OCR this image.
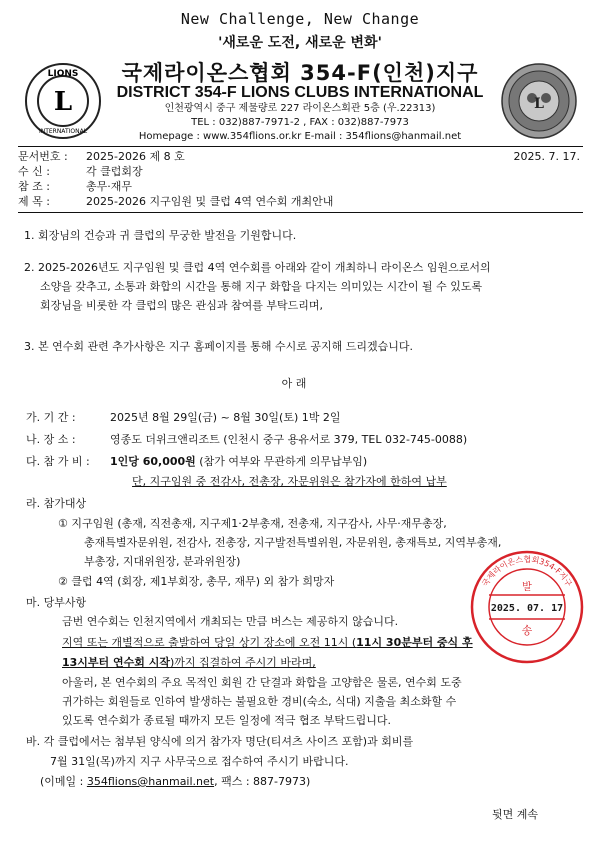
New Challenge, New Change
'새로운 도전, 새로운 변화'
LIONS
INTERNATIONAL
L	L
국제라이온스협회 354-F(인천)지구
DISTRICT 354-F LIONS CLUBS INTERNATIONAL
인천광역시 중구 제물량로 227 라이온스회관 5층 (우.22313)
TEL : 032)887-7971-2 , FAX : 032)887-7973
Homepage : www.354flions.or.kr E-mail : 354flions@hanmail.net
문서번호 : 2025-2026 제 8 호	2025. 7. 17.
수 신 :	각 클럽회장
참 조 :	총무·재무
제 목 :	2025-2026 지구임원 및 클럽 4역 연수회 개최안내
1. 회장님의 건승과 귀 클럽의 무궁한 발전을 기원합니다.
2. 2025-2026년도 지구임원 및 클럽 4역 연수회를 아래와 같이 개최하니 라이온스 임원으로서의
소양을 갖추고, 소통과 화합의 시간을 통해 지구 화합을 다지는 의미있는 시간이 될 수 있도록
회장님을 비롯한 각 클럽의 많은 관심과 참여를 부탁드리며,
3. 본 연수회 관련 추가사항은 지구 홈페이지를 통해 수시로 공지해 드리겠습니다.
아 래
가. 기 간 :	2025년 8월 29일(금) ~ 8월 30일(토) 1박 2일
나. 장 소 :	영종도 더위크앤리조트 (인천시 중구 용유서로 379, TEL 032-745-0088)
다. 참 가 비 : 1인당 60,000원 (참가 여부와 무관하게 의무납부임)
단, 지구임원 중 전감사, 전총장, 자문위원은 참가자에 한하여 납부
라. 참가대상
① 지구임원 (총재, 직전총재, 지구제1·2부총재, 전총재, 지구감사, 사무·재무총장,
총재특별자문위원, 전감사, 전총장, 지구발전특별위원, 자문위원, 총재특보, 지역부총재,
부총장, 지대위원장, 분과위원장)
② 클럽 4역 (회장, 제1부회장, 총무, 재무) 외 참가 희망자
마. 당부사항
금번 연수회는 인천지역에서 개최되는 만큼 버스는 제공하지 않습니다.
지역 또는 개별적으로 출발하여 당일 상기 장소에 오전 11시 (11시 30분부터 중식 후
13시부터 연수회 시작)까지 집결하여 주시기 바라며,
아울러, 본 연수회의 주요 목적인 회원 간 단결과 화합을 고양함은 물론, 연수회 도중
귀가하는 회원들로 인하여 발생하는 불필요한 경비(숙소, 식대) 지출을 최소화할 수
있도록 연수회가 종료될 때까지 모든 일정에 적극 협조 부탁드립니다.
바. 각 클럽에서는 첨부된 양식에 의거 참가자 명단(티셔츠 사이즈 포함)과 회비를
7월 31일(목)까지 지구 사무국으로 접수하여 주시기 바랍니다.
(이메일 : 354flions@hanmail.net, 팩스 : 887-7973)
뒷면 계속
국제라이온스협회354-F지구
발
2025. 07. 17
송
